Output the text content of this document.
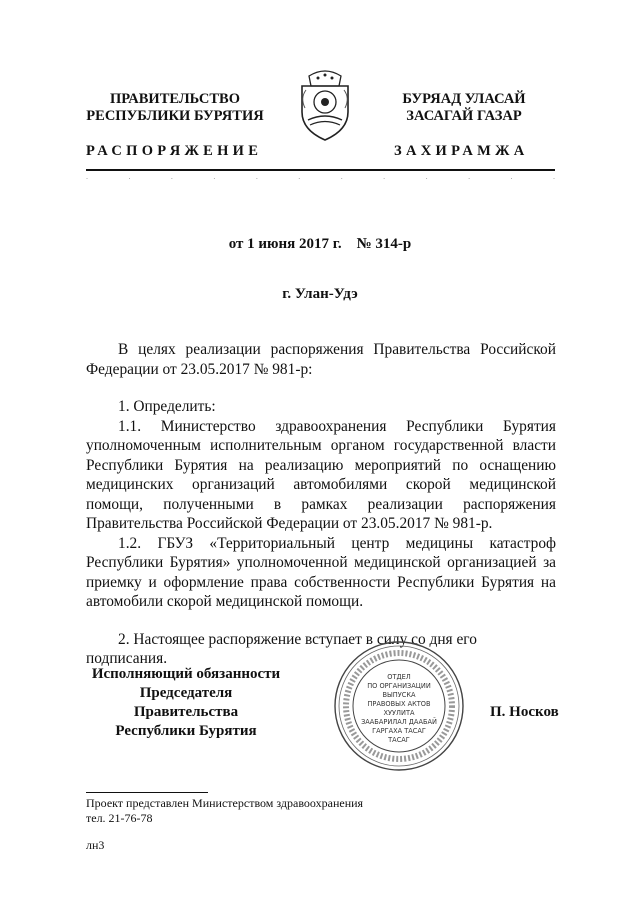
ПРАВИТЕЛЬСТВО
РЕСПУБЛИКИ БУРЯТИЯ
БУРЯАД УЛАСАЙ
ЗАСАГАЙ ГАЗАР
РАСПОРЯЖЕНИЕ	ЗАХИРАМЖА
.	.	.	.	.	.	.	.	.	.	.	.
от 1 июня 2017 г.    № 314-р
г. Улан-Удэ

В целях реализации распоряжения Правительства Российской Федерации от 23.05.2017 № 981-р:

1. Определить:

1.1. Министерство здравоохранения Республики Бурятия уполномоченным исполнительным органом государственной власти Республики Бурятия на реализацию мероприятий по оснащению медицинских организаций автомобилями скорой медицинской помощи, полученными в рамках реализации распоряжения Правительства Российской Федерации от 23.05.2017 № 981-р.

1.2. ГБУЗ «Территориальный центр медицины катастроф Республики Бурятия» уполномоченной медицинской организацией за приемку и оформление права собственности Республики Бурятия на автомобили скорой медицинской помощи.

2. Настоящее распоряжение вступает в силу со дня его подписания.

Исполняющий обязанности
Председателя Правительства
Республики Бурятия
ОТДЕЛ
ПО ОРГАНИЗАЦИИ
ВЫПУСКА
ПРАВОВЫХ АКТОВ
ХУУЛИТА
ЗААБАРИЛАЛ ДААБАЙ
ГАРГАХА ТАСАГ
ТАСАГ
П. Носков
Проект представлен Министерством здравоохранения
тел. 21-76-78
лн3
